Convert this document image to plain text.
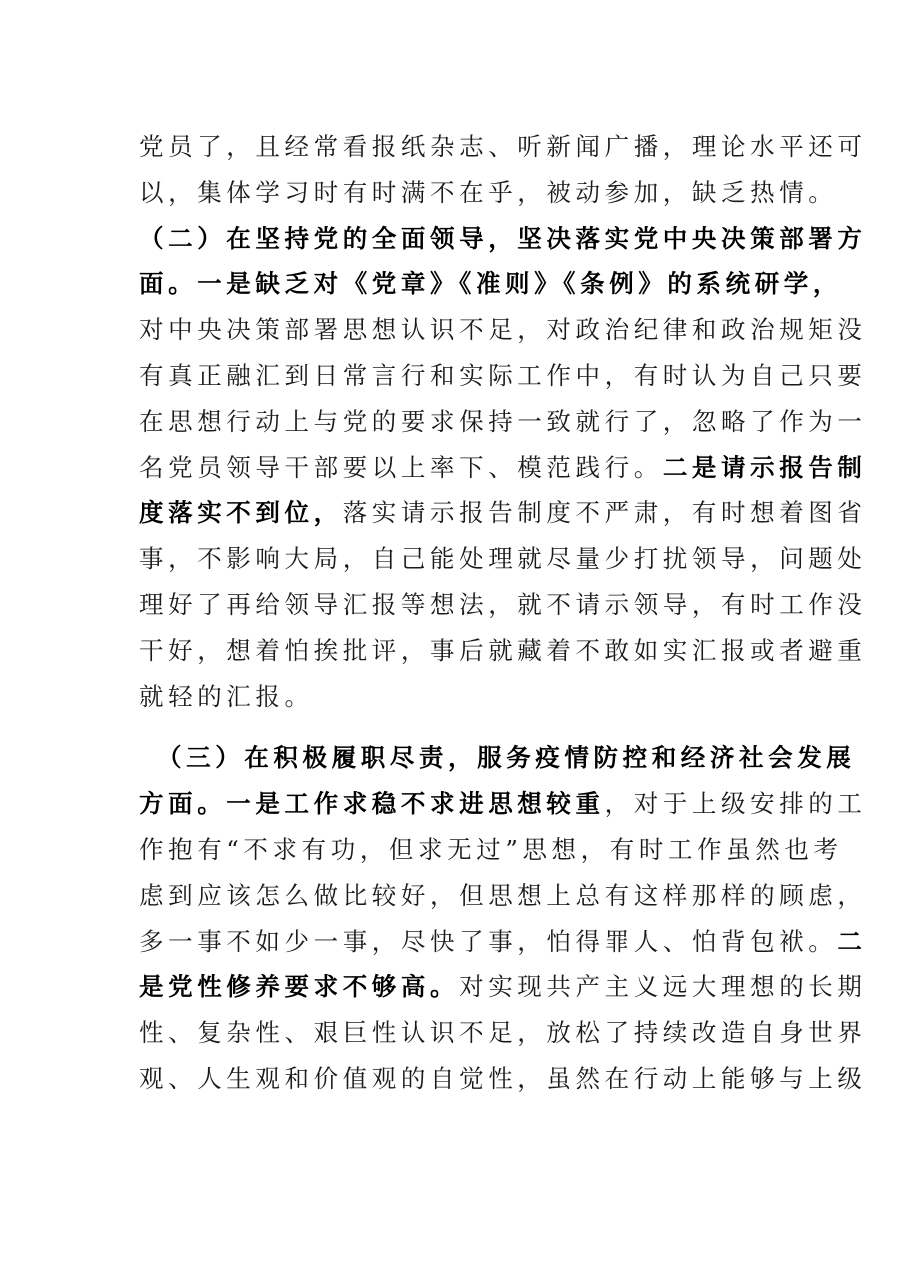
党员了，且经常看报纸杂志、听新闻广播，理论水平还可
以，集体学习时有时满不在乎，被动参加，缺乏热情。
（二）在坚持党的全面领导，坚决落实党中央决策部署方
面。一是缺乏对《党章》《准则》《条例》的系统研学，
对中央决策部署思想认识不足，对政治纪律和政治规矩没
有真正融汇到日常言行和实际工作中，有时认为自己只要
在思想行动上与党的要求保持一致就行了，忽略了作为一
名党员领导干部要以上率下、模范践行。二是请示报告制
度落实不到位，落实请示报告制度不严肃，有时想着图省
事，不影响大局，自己能处理就尽量少打扰领导，问题处
理好了再给领导汇报等想法，就不请示领导，有时工作没
干好，想着怕挨批评，事后就藏着不敢如实汇报或者避重
就轻的汇报。
（三）在积极履职尽责，服务疫情防控和经济社会发展
方面。一是工作求稳不求进思想较重，对于上级安排的工
作抱有“不求有功，但求无过”思想，有时工作虽然也考
虑到应该怎么做比较好，但思想上总有这样那样的顾虑，
多一事不如少一事，尽快了事，怕得罪人、怕背包袱。二
是党性修养要求不够高。对实现共产主义远大理想的长期
性、复杂性、艰巨性认识不足，放松了持续改造自身世界
观、人生观和价值观的自觉性，虽然在行动上能够与上级
